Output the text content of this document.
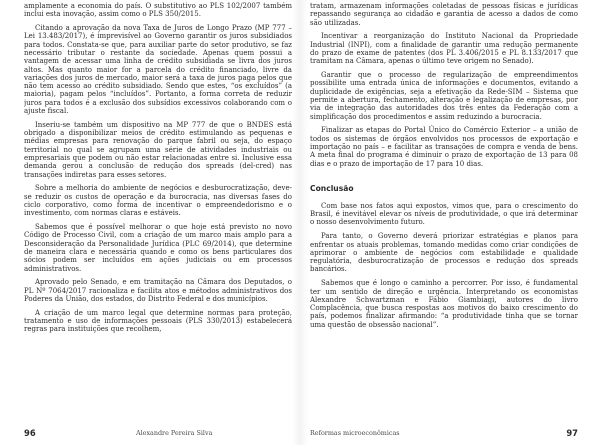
amplamente a economia do país. O substitutivo ao PLS 102/2007 também inclui esta inovação, assim como o PLS 350/2015.

Citando a aprovação da nova Taxa de Juros de Longo Prazo (MP 777 – Lei 13.483/2017), é imprevisível ao Governo garantir os juros subsidiados para todos. Constata-se que, para auxiliar parte do setor produtivo, se faz necessário tributar o restante da sociedade. Apenas quem possui a vantagem de acessar uma linha de crédito subsidiada se livra dos juros altos. Mas quanto maior for a parcela do crédito financiado, livre da variações dos juros de mercado, maior será a taxa de juros paga pelos que não tem acesso ao crédito subsidiado. Sendo que estes, “os excluídos” (a maioria), pagam pelos “incluídos”. Portanto, a forma correta de reduzir juros para todos é a exclusão dos subsídios excessivos colaborando com o ajuste fiscal.

Inseriu-se também um dispositivo na MP 777 de que o BNDES está obrigado a disponibilizar meios de crédito estimulando as pequenas e médias empresas para renovação do parque fabril ou seja, do espaço territorial no qual se agrupam uma série de atividades industriais ou empresariais que podem ou não estar relacionadas entre si. Inclusive essa demanda gerou a conclusão de redução dos spreads (del-cred) nas transações indiretas para esses setores.

Sobre a melhoria do ambiente de negócios e desburocratização, deve-se reduzir os custos de operação e da burocracia, nas diversas fases do ciclo corporativo, como forma de incentivar o empreendedorismo e o investimento, com normas claras e estáveis.

Sabemos que é possível melhorar o que hoje está previsto no novo Código de Processo Civil, com a criação de um marco mais amplo para a Desconsideração da Personalidade Jurídica (PLC 69/2014), que determine de maneira clara e necessária quando e como os bens particulares dos sócios podem ser incluídos em ações judiciais ou em processos administrativos.

Aprovado pelo Senado, e em tramitação na Câmara dos Deputados, o PL Nº 7064/2017 racionaliza e facilita atos e métodos administrativos dos Poderes da União, dos estados, do Distrito Federal e dos municípios.

A criação de um marco legal que determine normas para proteção, tratamento e uso de informações pessoais (PLS 330/2013) estabelecerá regras para instituições que recolhem,

tratam, armazenam informações coletadas de pessoas físicas e jurídicas repassando segurança ao cidadão e garantia de acesso a dados de como são utilizadas.

Incentivar a reorganização do Instituto Nacional da Propriedade Industrial (INPI), com a finalidade de garantir uma redução permanente do prazo de exame de patentes (dos PL 3.406/2015 e PL 8.133/2017 que tramitam na Câmara, apenas o último teve origem no Senado).

Garantir que o processo de regularização de empreendimentos possibilite uma entrada única de informações e documentos, evitando a duplicidade de exigências, seja a efetivação da Rede-SIM – Sistema que permite a abertura, fechamento, alteração e legalização de empresas, por via de integração das autoridades dos três entes da Federação com a simplificação dos procedimentos e assim reduzindo a burocracia.

Finalizar as etapas do Portal Único do Comércio Exterior – a união de todos os sistemas de órgãos envolvidos nos processos de exportação e importação no país – e facilitar as transações de compra e venda de bens. A meta final do programa é diminuir o prazo de exportação de 13 para 08 dias e o prazo de importação de 17 para 10 dias.

Conclusão

Com base nos fatos aqui expostos, vimos que, para o crescimento do Brasil, é inevitável elevar os níveis de produtividade, o que irá determinar o nosso desenvolvimento futuro.

Para tanto, o Governo deverá priorizar estratégias e planos para enfrentar os atuais problemas, tomando medidas como criar condições de aprimorar o ambiente de negócios com estabilidade e qualidade regulatória, desburocratização de processos e redução dos spreads bancários.

Sabemos que é longo o caminho a percorrer. Por isso, é fundamental ter um sentido de direção e urgência. Interpretando os economistas Alexandre Schwartzman e Fábio Giambiagi, autores do livro Complacência, que busca respostas aos motivos do baixo crescimento do país, podemos finalizar afirmando: “a produtividade tinha que se tornar uma questão de obsessão nacional”.

96	Alexandre Pereira Silva	Reformas microeconômicas	97
